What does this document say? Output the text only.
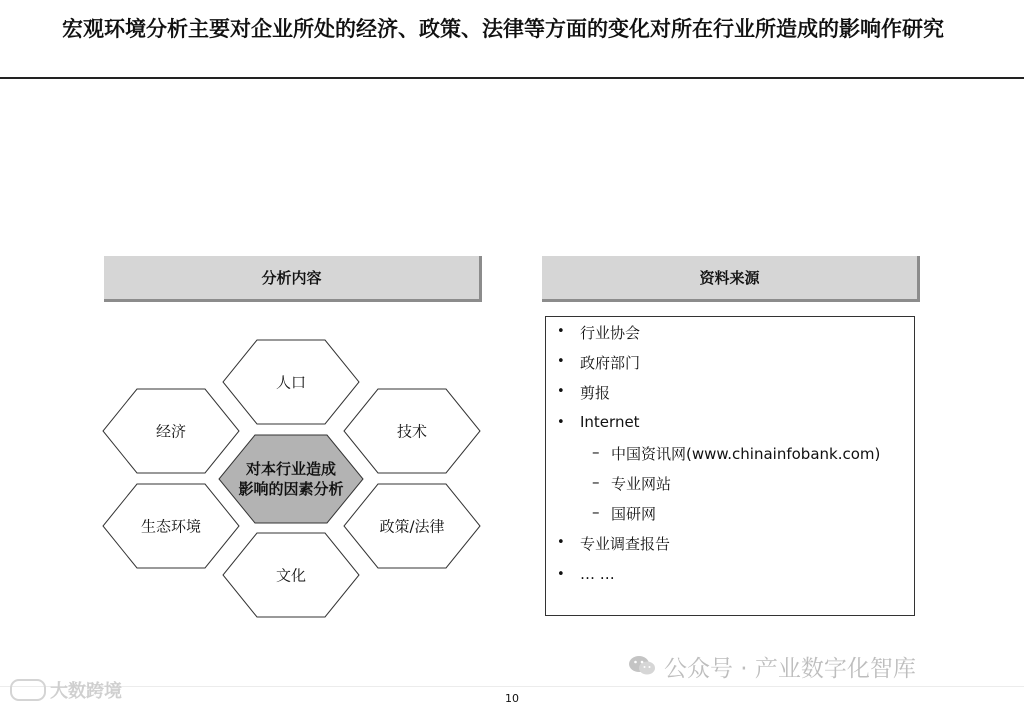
宏观环境分析主要对企业所处的经济、政策、法律等方面的变化对所在行业所造成的影响作研究
分析内容
人口
经济	技术
生态环境	政策/法律
文化
对本行业造成
影响的因素分析
资料来源
• 行业协会
• 政府部门
• 剪报
• Internet
– 中国资讯网(www.chinainfobank.com)
– 专业网站
– 国研网
• 专业调查报告
• … …
大数跨境
公众号 · 产业数字化智库
10
